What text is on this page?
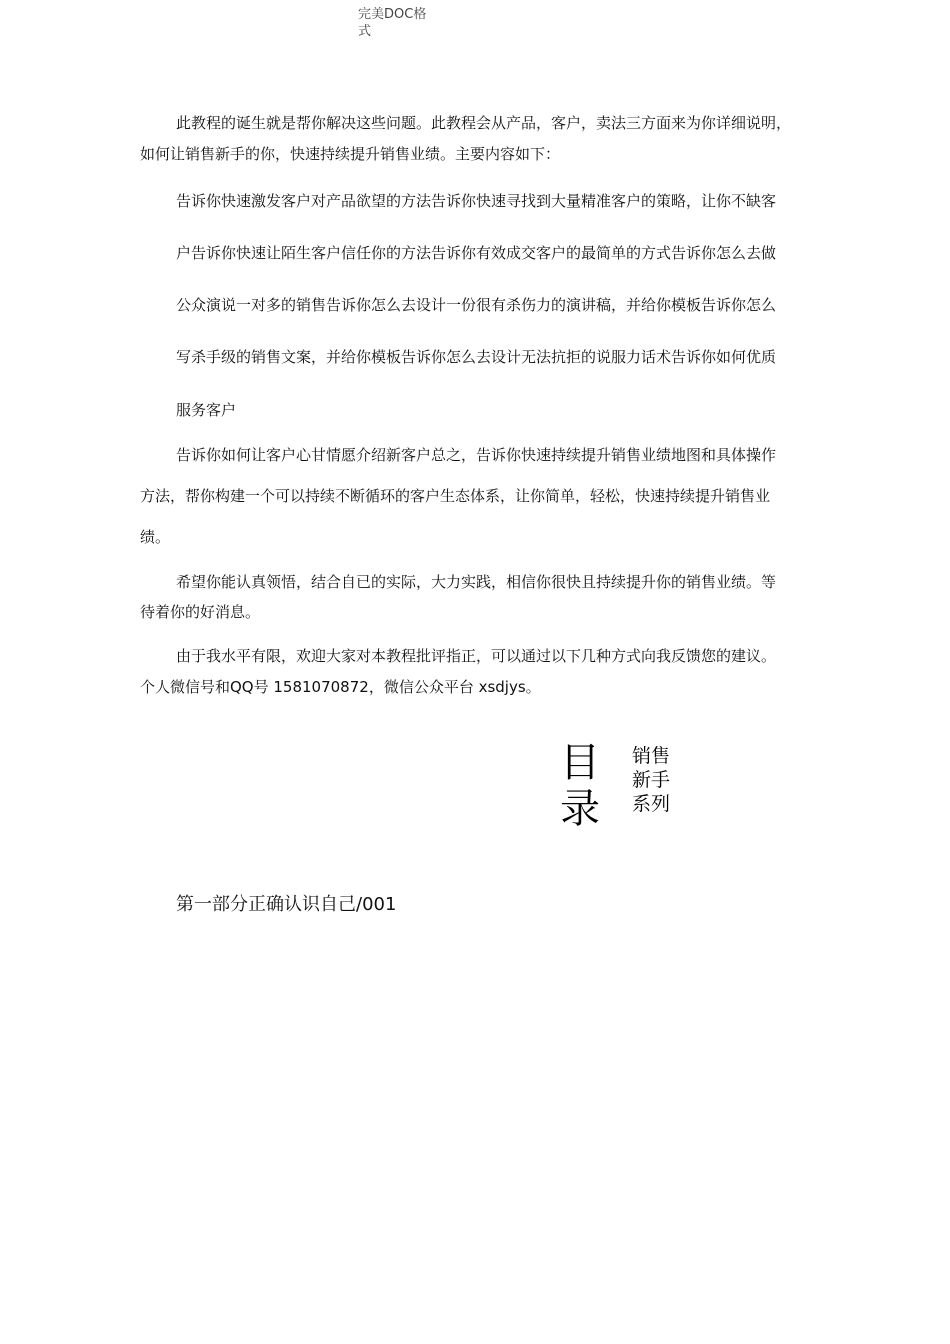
完美DOC格
式
此教程的诞生就是帮你解决这些问题。此教程会从产品，客户，卖法三方面来为你详细说明，
如何让销售新手的你，快速持续提升销售业绩。主要内容如下：
告诉你快速激发客户对产品欲望的方法告诉你快速寻找到大量精准客户的策略，让你不缺客
户告诉你快速让陌生客户信任你的方法告诉你有效成交客户的最简单的方式告诉你怎么去做
公众演说一对多的销售告诉你怎么去设计一份很有杀伤力的演讲稿，并给你模板告诉你怎么
写杀手级的销售文案，并给你模板告诉你怎么去设计无法抗拒的说服力话术告诉你如何优质
服务客户
告诉你如何让客户心甘情愿介绍新客户总之，告诉你快速持续提升销售业绩地图和具体操作
方法，帮你构建一个可以持续不断循环的客户生态体系，让你简单，轻松，快速持续提升销售业
绩。
希望你能认真领悟，结合自已的实际，大力实践，相信你很快且持续提升你的销售业绩。等
待着你的好消息。
由于我水平有限，欢迎大家对本教程批评指正，可以通过以下几种方式向我反馈您的建议。
个人微信号和QQ号 1581070872，微信公众平台 xsdjys。
目
录
销售
新手
系列
第一部分正确认识自己/001
